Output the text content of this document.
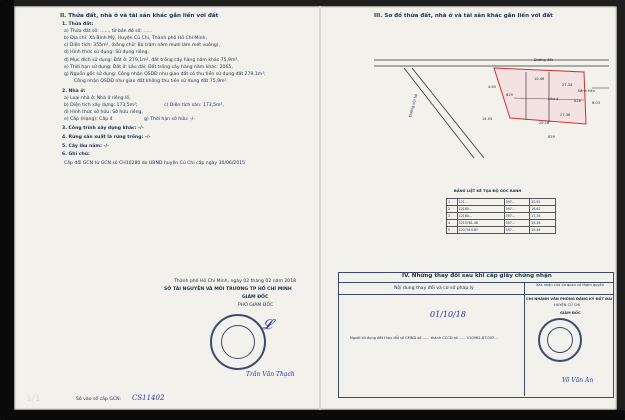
II. Thửa đất, nhà ở và tài sản khác gắn liền với đất
1. Thửa đất:
a) Thửa đất số: ......, tờ bản đồ số: ......
b) Địa chỉ: Xã Bình Mỹ, Huyện Củ Chi, Thành phố Hồ Chí Minh,
c) Diện tích: 355m², (bằng chữ: Ba trăm năm mươi lăm mét vuông),
d) Hình thức sử dụng: Sử dụng riêng,
đ) Mục đích sử dụng: Đất ở: 279,1m², đất trồng cây hàng năm khác 75,9m²,
e) Thời hạn sử dụng: Đất ở: Lâu dài; Đất trồng cây hàng năm khác: 2065,
g) Nguồn gốc sử dụng: Công nhận QSDĐ như giao đất có thu tiền sử dụng đất 279,1m²;
Công nhận QSDĐ như giao đất không thu tiền sử dụng đất 75,9m².
2. Nhà ở:
a) Loại nhà ở: Nhà ở riêng lẻ,
b) Diện tích xây dựng: 173,5m²;	c) Diện tích sàn: 173,5m²,
d) Hình thức sở hữu: Sở hữu riêng,
e) Cấp (Hạng): Cấp 4	g) Thời hạn sở hữu: -/-
3. Công trình xây dựng khác: -/-
4. Rừng sản xuất là rừng trồng: -/-
5. Cây lâu năm: -/-
6. Ghi chú:
Cấp đổi GCN từ GCN số CH10280 do UBND huyện Củ Chi cấp ngày 30/06/2015
Thành phố Hồ Chí Minh, ngày 02 tháng 02 năm 2018
SỞ TÀI NGUYÊN VÀ MÔI TRƯỜNG TP HỒ CHÍ MINH
GIÁM ĐỐC
PHÓ GIÁM ĐỐC
𝓛
Trần Văn Thạch
Số vào sổ cấp GCN: CS11402
III. Sơ đồ thửa đất, nhà ở và tài sản khác gắn liền với đất
Đường đất
Kênh tiêu
Đường nội bộ
10.46
27.34
6.03
27.36
29.18
14.05
4.65
829
828
Nhà ở
839
BẢNG LIỆT KÊ TỌA ĐỘ GÓC RANH
1	121...	597...	22.92
2	12160...	597...	16.61
3	12160...	597...	27.34
4	1210781.48	597...	29.18
5	1207414.87	597...	15.49
IV. Những thay đổi sau khi cấp giấy chứng nhận
Nội dung thay đổi và cơ sở pháp lý
Xác nhận của cơ quan có thẩm quyền
01/10/18
Người sử dụng đất thay đổi số CMND số ...... thành CCCD số ...... 010962.DT.007...
CHI NHÁNH VĂN PHÒNG ĐĂNG KÝ ĐẤT ĐAI
HUYỆN CỦ CHI
GIÁM ĐỐC
Võ Văn An
1/1
